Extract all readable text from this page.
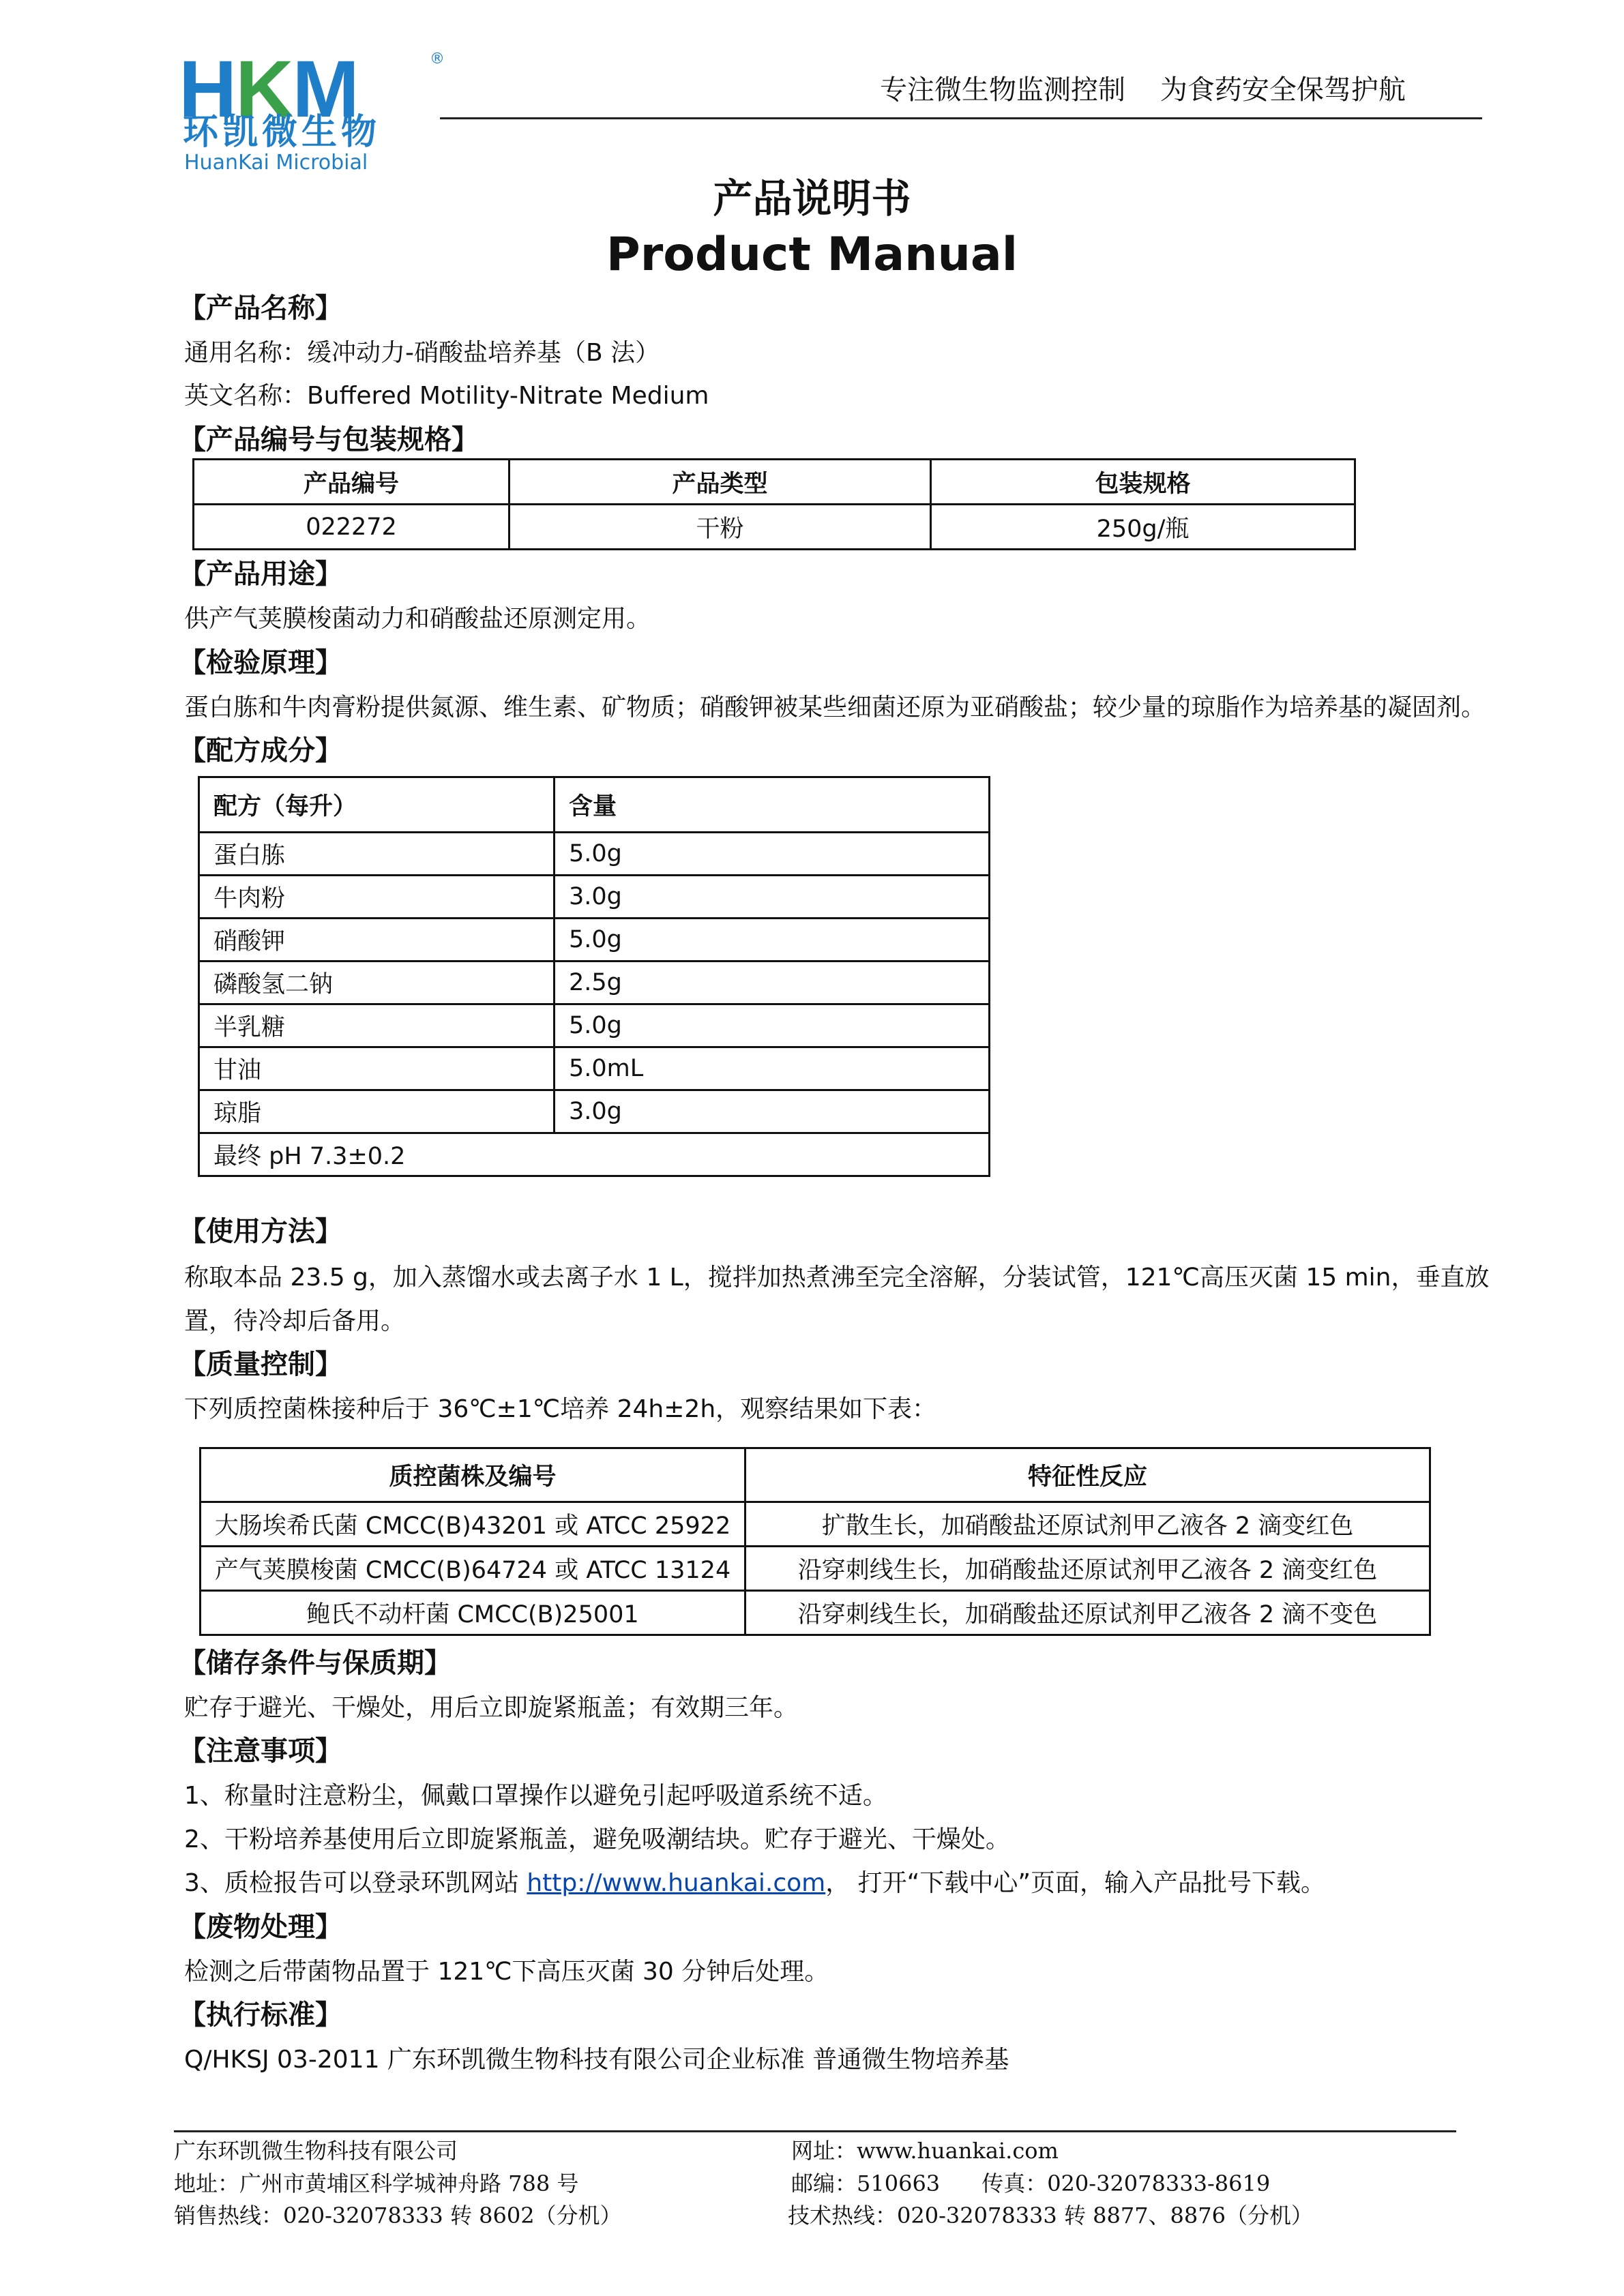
HKM	®
环凯微生物
HuanKai Microbial
专注微生物监测控制    为食药安全保驾护航
产品说明书
Product Manual
【产品名称】
通用名称：缓冲动力-硝酸盐培养基（B 法）
英文名称：Buffered Motility-Nitrate Medium
【产品编号与包装规格】
产品编号	产品类型	包装规格
022272	干粉	250g/瓶
【产品用途】
供产气荚膜梭菌动力和硝酸盐还原测定用。
【检验原理】
蛋白胨和牛肉膏粉提供氮源、维生素、矿物质；硝酸钾被某些细菌还原为亚硝酸盐；较少量的琼脂作为培养基的凝固剂。
【配方成分】
配方（每升）	含量
蛋白胨	5.0g
牛肉粉	3.0g
硝酸钾	5.0g
磷酸氢二钠	2.5g
半乳糖	5.0g
甘油	5.0mL
琼脂	3.0g
最终 pH 7.3±0.2	
【使用方法】
称取本品 23.5 g，加入蒸馏水或去离子水 1 L，搅拌加热煮沸至完全溶解，分装试管，121℃高压灭菌 15 min，垂直放
置，待冷却后备用。
【质量控制】
下列质控菌株接种后于 36℃±1℃培养 24h±2h，观察结果如下表：
质控菌株及编号	特征性反应
大肠埃希氏菌 CMCC(B)43201 或 ATCC 25922	扩散生长，加硝酸盐还原试剂甲乙液各 2 滴变红色
产气荚膜梭菌 CMCC(B)64724 或 ATCC 13124	沿穿刺线生长，加硝酸盐还原试剂甲乙液各 2 滴变红色
鲍氏不动杆菌 CMCC(B)25001	沿穿刺线生长，加硝酸盐还原试剂甲乙液各 2 滴不变色
【储存条件与保质期】
贮存于避光、干燥处，用后立即旋紧瓶盖；有效期三年。
【注意事项】
1、称量时注意粉尘，佩戴口罩操作以避免引起呼吸道系统不适。
2、干粉培养基使用后立即旋紧瓶盖，避免吸潮结块。贮存于避光、干燥处。
3、质检报告可以登录环凯网站 http://www.huankai.com， 打开“下载中心”页面，输入产品批号下载。
【废物处理】
检测之后带菌物品置于 121℃下高压灭菌 30 分钟后处理。
【执行标准】
Q/HKSJ 03-2011 广东环凯微生物科技有限公司企业标准 普通微生物培养基
广东环凯微生物科技有限公司
地址：广州市黄埔区科学城神舟路 788 号
销售热线：020-32078333 转 8602（分机）
网址：www.huankai.com
邮编：510663      传真：020-32078333-8619
技术热线：020-32078333 转 8877、8876（分机）
